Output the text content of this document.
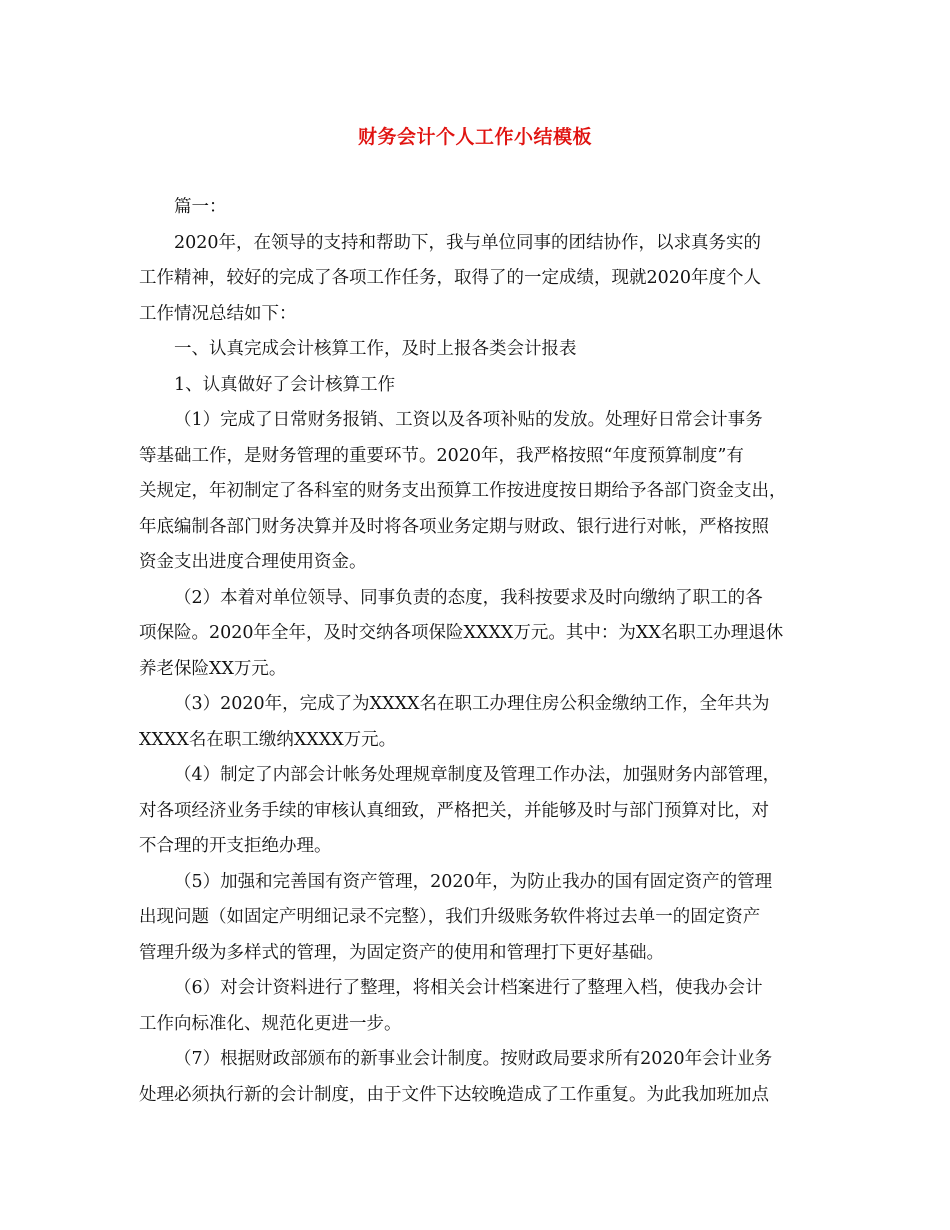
财务会计个人工作小结模板

篇一：

2020年，在领导的支持和帮助下，我与单位同事的团结协作，以求真务实的
工作精神，较好的完成了各项工作任务，取得了的一定成绩，现就2020年度个人
工作情况总结如下：

一、认真完成会计核算工作，及时上报各类会计报表

1、认真做好了会计核算工作

（1）完成了日常财务报销、工资以及各项补贴的发放。处理好日常会计事务
等基础工作，是财务管理的重要环节。2020年，我严格按照“年度预算制度”有
关规定，年初制定了各科室的财务支出预算工作按进度按日期给予各部门资金支出，
年底编制各部门财务决算并及时将各项业务定期与财政、银行进行对帐，严格按照
资金支出进度合理使用资金。

（2）本着对单位领导、同事负责的态度，我科按要求及时向缴纳了职工的各
项保险。2020年全年，及时交纳各项保险XXXX万元。其中：为XX名职工办理退休
养老保险XX万元。

（3）2020年，完成了为XXXX名在职工办理住房公积金缴纳工作，全年共为
XXXX名在职工缴纳XXXX万元。

（4）制定了内部会计帐务处理规章制度及管理工作办法，加强财务内部管理，
对各项经济业务手续的审核认真细致，严格把关，并能够及时与部门预算对比，对
不合理的开支拒绝办理。

（5）加强和完善国有资产管理，2020年，为防止我办的国有固定资产的管理
出现问题（如固定产明细记录不完整），我们升级账务软件将过去单一的固定资产
管理升级为多样式的管理，为固定资产的使用和管理打下更好基础。

（6）对会计资料进行了整理，将相关会计档案进行了整理入档，使我办会计
工作向标准化、规范化更进一步。

（7）根据财政部颁布的新事业会计制度。按财政局要求所有2020年会计业务
处理必须执行新的会计制度，由于文件下达较晚造成了工作重复。为此我加班加点
